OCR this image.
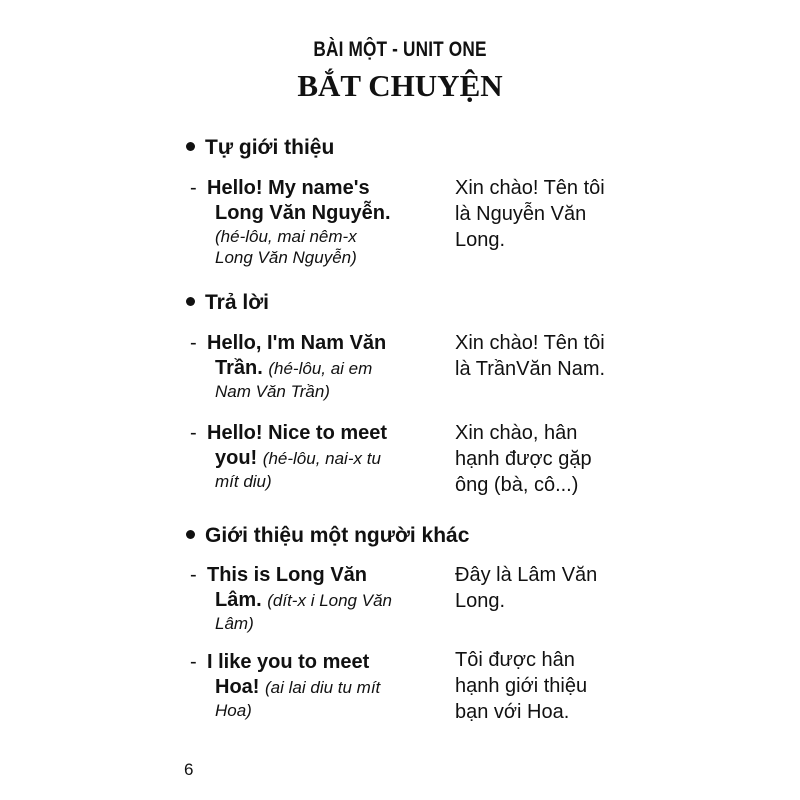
BÀI MỘT - UNIT ONE
BẮT CHUYỆN
Tự giới thiệu
- Hello! My name's
Long Văn Nguyễn.
(hé-lôu, mai nêm-x
Long Văn Nguyễn)
Xin chào! Tên tôi
là Nguyễn Văn
Long.
Trả lời
- Hello, I'm Nam Văn
Trần. (hé-lôu, ai em
Nam Văn Trần)
Xin chào! Tên tôi
là TrầnVăn Nam.
- Hello! Nice to meet
you! (hé-lôu, nai-x tu
mít diu)
Xin chào, hân
hạnh được gặp
ông (bà, cô...)
Giới thiệu một người khác
- This is Long Văn
Lâm. (dít-x i Long Văn
Lâm)
Đây là Lâm Văn
Long.
- I like you to meet
Hoa! (ai lai diu tu mít
Hoa)
Tôi được hân
hạnh giới thiệu
bạn với Hoa.
6
